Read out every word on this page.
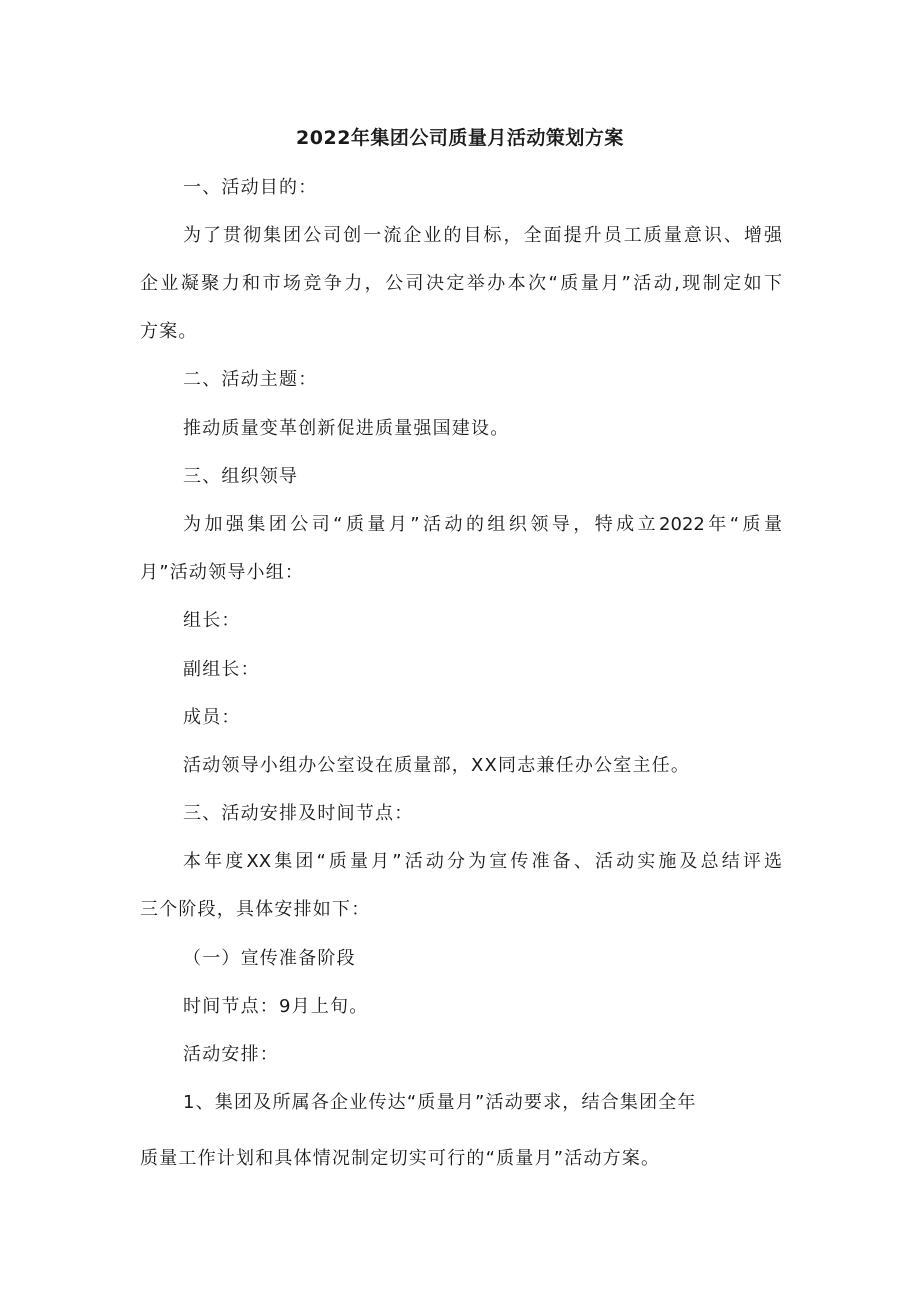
2022年集团公司质量月活动策划方案
一、活动目的：
为了贯彻集团公司创一流企业的目标，全面提升员工质量意识、增强
企业凝聚力和市场竞争力，公司决定举办本次“质量月”活动,现制定如下
方案。
二、活动主题：
推动质量变革创新促进质量强国建设。
三、组织领导
为加强集团公司“质量月”活动的组织领导，特成立2022年“质量
月”活动领导小组：
组长：
副组长：
成员：
活动领导小组办公室设在质量部，XX同志兼任办公室主任。
三、活动安排及时间节点：
本年度XX集团“质量月”活动分为宣传准备、活动实施及总结评选
三个阶段，具体安排如下：
（一）宣传准备阶段
时间节点：9月上旬。
活动安排：
1、集团及所属各企业传达“质量月”活动要求，结合集团全年
质量工作计划和具体情况制定切实可行的“质量月”活动方案。
